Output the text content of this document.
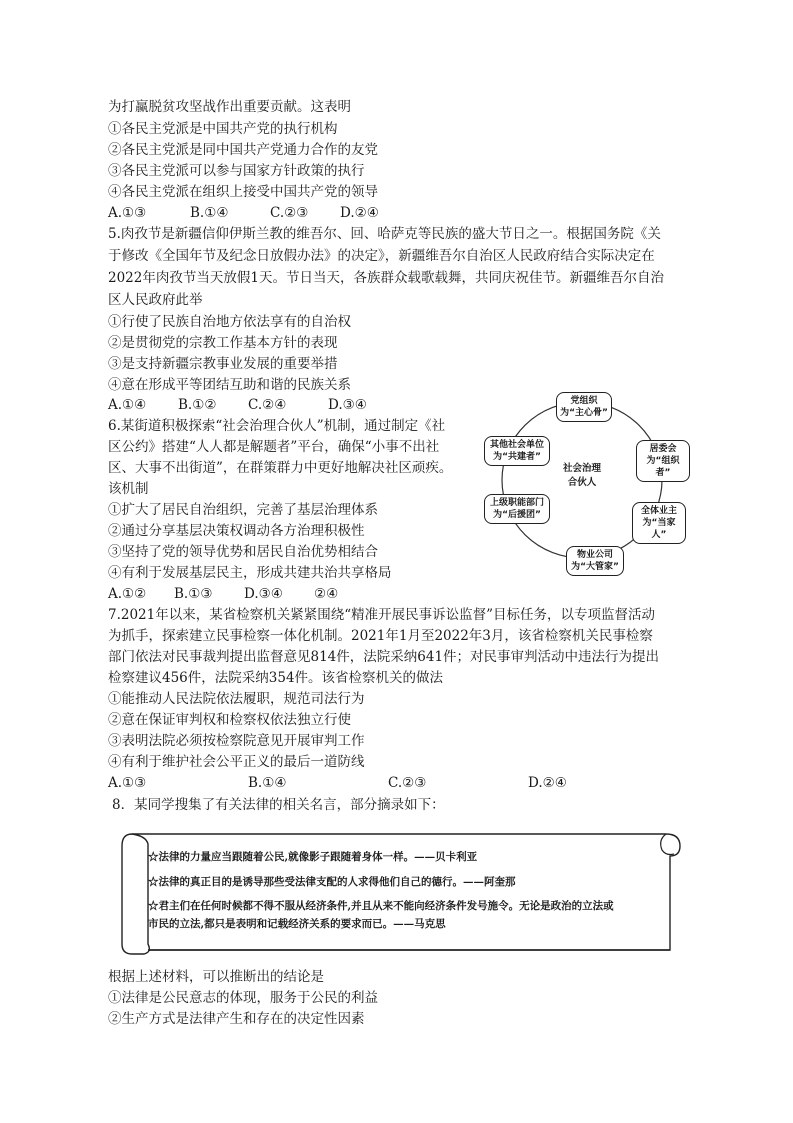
为打赢脱贫攻坚战作出重要贡献。这表明
①各民主党派是中国共产党的执行机构
②各民主党派是同中国共产党通力合作的友党
③各民主党派可以参与国家方针政策的执行
④各民主党派在组织上接受中国共产党的领导
A.①③	B.①④	C.②③ D.②④
5.肉孜节是新疆信仰伊斯兰教的维吾尔、回、哈萨克等民族的盛大节日之一。根据国务院《关
于修改《全国年节及纪念日放假办法》的决定》，新疆维吾尔自治区人民政府结合实际决定在
2022年肉孜节当天放假1天。节日当天，各族群众载歌载舞，共同庆祝佳节。新疆维吾尔自治
区人民政府此举
①行使了民族自治地方依法享有的自治权
②是贯彻党的宗教工作基本方针的表现
③是支持新疆宗教事业发展的重要举措
④意在形成平等团结互助和谐的民族关系
A.①④ B.①② C.②④	D.③④
6.某街道积极探索“社会治理合伙人”机制，通过制定《社
区公约》搭建“人人都是解题者”平台，确保“小事不出社
区、大事不出街道”，在群策群力中更好地解决社区顽疾。
该机制
①扩大了居民自治组织，完善了基层治理体系
②通过分享基层决策权调动各方治理积极性
③坚持了党的领导优势和居民自治优势相结合
④有利于发展基层民主，形成共建共治共享格局
A.①② B.①③ D.③④ ②④
社会治理
合伙人
党组织
为“主心骨”
居委会
为“组织者”
全体业主
为“当家人”
物业公司
为“大管家”
上级职能部门
为“后援团”
其他社会单位
为“共建者”
7.2021年以来，某省检察机关紧紧围绕“精准开展民事诉讼监督”目标任务，以专项监督活动
为抓手，探索建立民事检察一体化机制。2021年1月至2022年3月，该省检察机关民事检察
部门依法对民事裁判提出监督意见814件，法院采纳641件；对民事审判活动中违法行为提出
检察建议456件，法院采纳354件。该省检察机关的做法
①能推动人民法院依法履职，规范司法行为
②意在保证审判权和检察权依法独立行使
③表明法院必须按检察院意见开展审判工作
④有利于维护社会公平正义的最后一道防线
A.①③	B.①④	C.②③	D.②④
8．某同学搜集了有关法律的相关名言，部分摘录如下：
☆法律的力量应当跟随着公民,就像影子跟随着身体一样。——贝卡利亚
☆法律的真正目的是诱导那些受法律支配的人求得他们自己的德行。——阿奎那
☆君主们在任何时候都不得不服从经济条件,并且从来不能向经济条件发号施令。无论是政治的立法或
市民的立法,都只是表明和记载经济关系的要求而已。——马克思
根据上述材料，可以推断出的结论是
①法律是公民意志的体现，服务于公民的利益
②生产方式是法律产生和存在的决定性因素
